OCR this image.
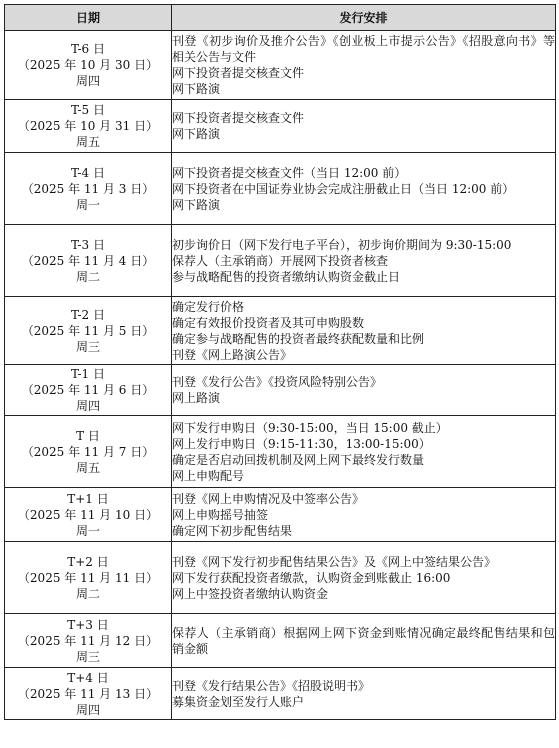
日期	发行安排

T-6 日
（2025 年 10 月 30 日）
周四	刊登《初步询价及推介公告》《创业板上市提示公告》《招股意向书》等相关公告与文件
网下投资者提交核查文件
网下路演

T-5 日
（2025 年 10 月 31 日）
周五	网下投资者提交核查文件
网下路演

T-4 日
（2025 年 11 月 3 日）
周一	网下投资者提交核查文件（当日 12:00 前）
网下投资者在中国证券业协会完成注册截止日（当日 12:00 前）
网下路演

T-3 日
（2025 年 11 月 4 日）
周二	初步询价日（网下发行电子平台），初步询价期间为 9:30-15:00
保荐人（主承销商）开展网下投资者核查
参与战略配售的投资者缴纳认购资金截止日

T-2 日
（2025 年 11 月 5 日）
周三	确定发行价格
确定有效报价投资者及其可申购股数
确定参与战略配售的投资者最终获配数量和比例
刊登《网上路演公告》

T-1 日
（2025 年 11 月 6 日）
周四	刊登《发行公告》《投资风险特别公告》
网上路演

T 日
（2025 年 11 月 7 日）
周五	网下发行申购日（9:30-15:00，当日 15:00 截止）
网上发行申购日（9:15-11:30，13:00-15:00）
确定是否启动回拨机制及网上网下最终发行数量
网上申购配号

T+1 日
（2025 年 11 月 10 日）
周一	刊登《网上申购情况及中签率公告》
网上申购摇号抽签
确定网下初步配售结果

T+2 日
（2025 年 11 月 11 日）
周二	刊登《网下发行初步配售结果公告》及《网上中签结果公告》
网下发行获配投资者缴款，认购资金到账截止 16:00
网上中签投资者缴纳认购资金

T+3 日
（2025 年 11 月 12 日）
周三	保荐人（主承销商）根据网上网下资金到账情况确定最终配售结果和包销金额

T+4 日
（2025 年 11 月 13 日）
周四	刊登《发行结果公告》《招股说明书》
募集资金划至发行人账户
